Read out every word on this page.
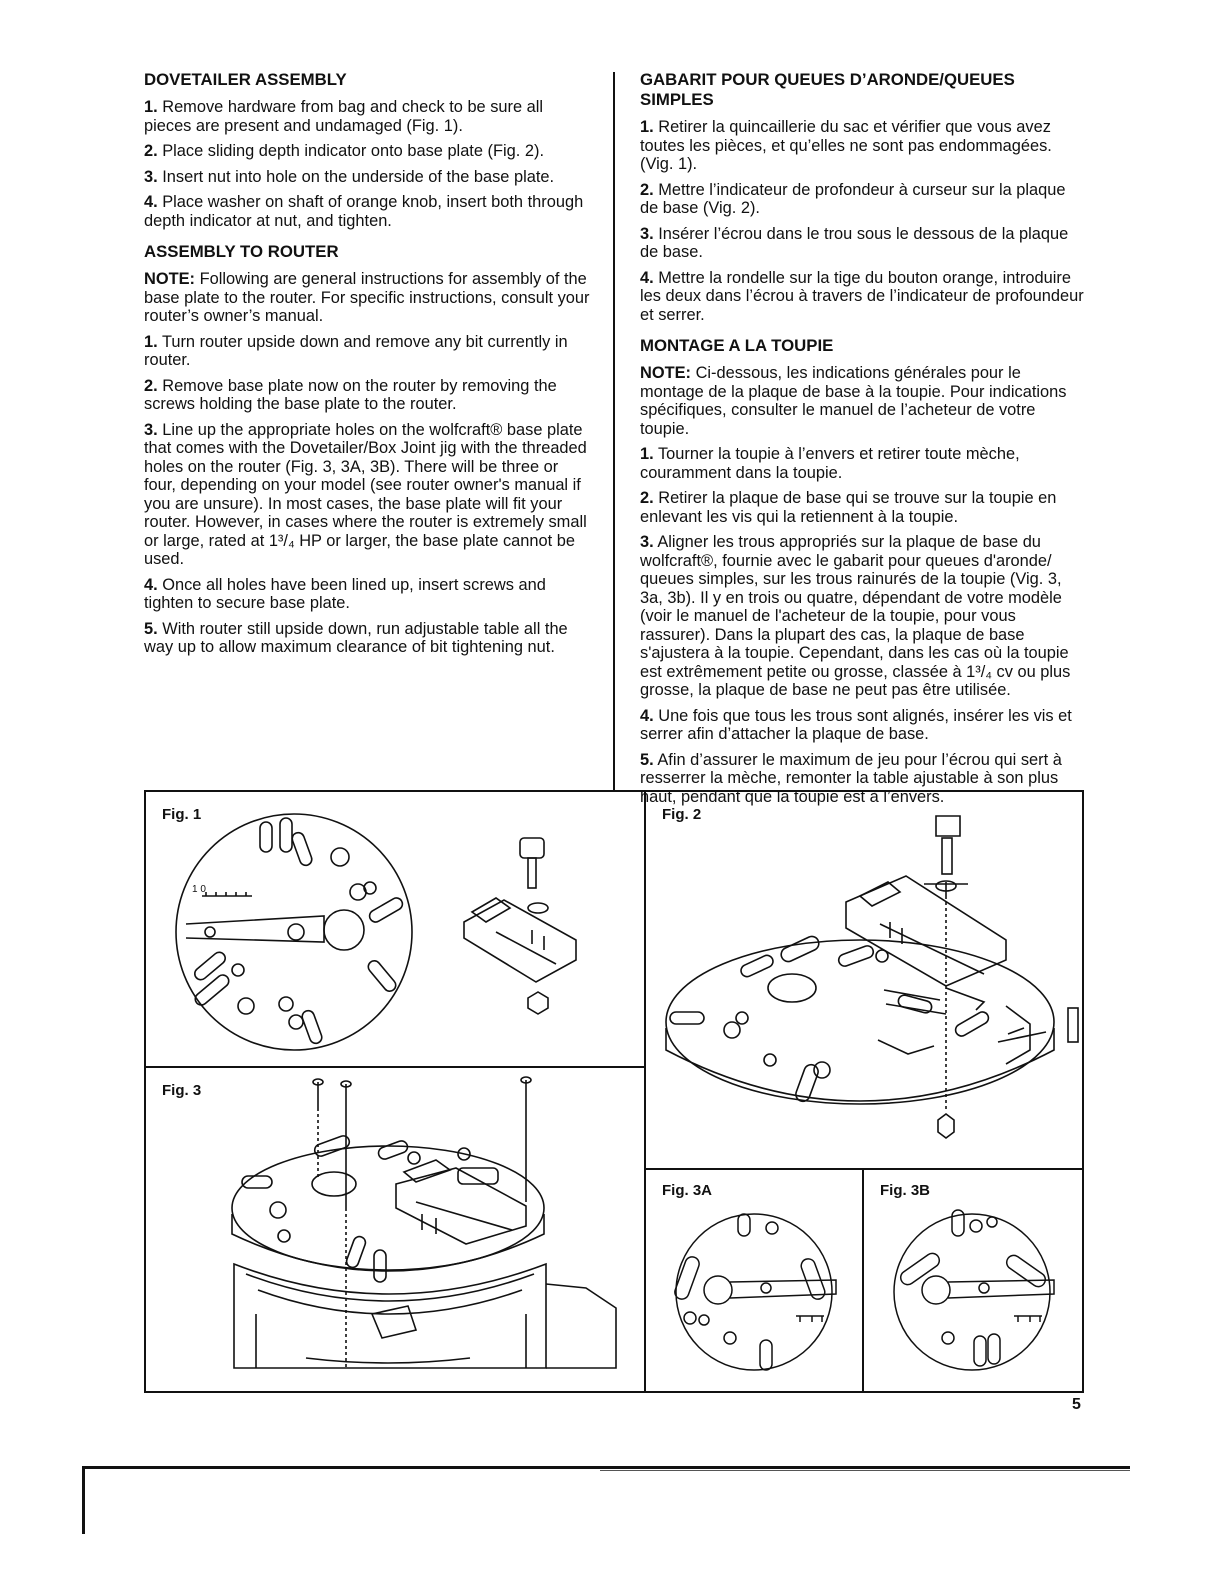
DOVETAILER ASSEMBLY

1. Remove hardware from bag and check to be sure all pieces are present and undamaged (Fig. 1).

2. Place sliding depth indicator onto base plate (Fig. 2).

3. Insert nut into hole on the underside of the base plate.

4. Place washer on shaft of orange knob, insert both through depth indicator at nut, and tighten.

ASSEMBLY TO ROUTER

NOTE: Following are general instructions for assembly of the base plate to the router. For specific instructions, consult your router’s owner’s manual.

1. Turn router upside down and remove any bit currently in router.

2. Remove base plate now on the router by removing the screws holding the base plate to the router.

3. Line up the appropriate holes on the wolfcraft® base plate that comes with the Dovetailer/Box Joint jig with the threaded holes on the router (Fig. 3, 3A, 3B). There will be three or four, depending on your model (see router owner's manual if you are unsure). In most cases, the base plate will fit your router. However, in cases where the router is extremely small or large, rated at 1³/₄ HP or larger, the base plate cannot be used.

4. Once all holes have been lined up, insert screws and tighten to secure base plate.

5. With router still upside down, run adjustable table all the way up to allow maximum clearance of bit tightening nut.

GABARIT POUR QUEUES D’ARONDE/QUEUES SIMPLES

1. Retirer la quincaillerie du sac et vérifier que vous avez toutes les pièces, et qu’elles ne sont pas endommagées. (Vig. 1).

2. Mettre l’indicateur de profondeur à curseur sur la plaque de base (Vig. 2).

3. Insérer l’écrou dans le trou sous le dessous de la plaque de base.

4. Mettre la rondelle sur la tige du bouton orange, introduire les deux dans l’écrou à travers de l’indicateur de profoundeur et serrer.

MONTAGE A LA TOUPIE

NOTE: Ci-dessous, les indications générales pour le montage de la plaque de base à la toupie. Pour indications spécifiques, consulter le manuel de l’acheteur de votre toupie.

1. Tourner la toupie à l’envers et retirer toute mèche, couramment dans la toupie.

2. Retirer la plaque de base qui se trouve sur la toupie en enlevant les vis qui la retiennent à la toupie.

3. Aligner les trous appropriés sur la plaque de base du wolfcraft®, fournie avec le gabarit pour queues d'aronde/ queues simples, sur les trous rainurés de la toupie (Vig. 3, 3a, 3b). Il y en trois ou quatre, dépendant de votre modèle (voir le manuel de l'acheteur de la toupie, pour vous rassurer). Dans la plupart des cas, la plaque de base s'ajustera à la toupie. Cependant, dans les cas où la toupie est extrêmement petite ou grosse, classée à 1³/₄ cv ou plus grosse, la plaque de base ne peut pas être utilisée.

4. Une fois que tous les trous sont alignés, insérer les vis et serrer afin d’attacher la plaque de base.

5. Afin d’assurer le maximum de jeu pour l’écrou qui sert à resserrer la mèche, remonter la table ajustable à son plus haut, pendant que la toupie est à l’envers.

Fig. 1
1 0
Fig. 2
Fig. 3
Fig. 3A	Fig. 3B
5
